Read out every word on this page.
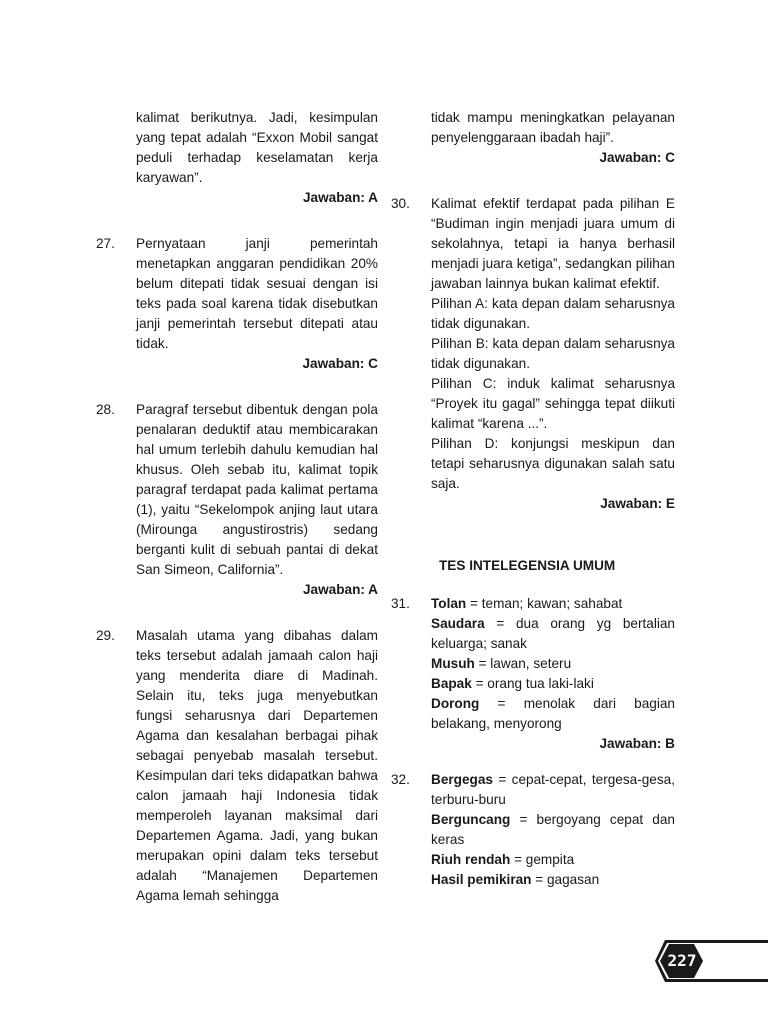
kalimat berikutnya. Jadi, kesimpulan yang tepat adalah “Exxon Mobil sangat peduli terhadap keselamatan kerja karyawan”.

Jawaban: A
27. Pernyataan janji pemerintah menetapkan anggaran pendidikan 20% belum ditepati tidak sesuai dengan isi teks pada soal karena tidak disebutkan janji pemerintah tersebut ditepati atau tidak.

Jawaban: C
28. Paragraf tersebut dibentuk dengan pola penalaran deduktif atau membicarakan hal umum terlebih dahulu kemudian hal khusus. Oleh sebab itu, kalimat topik paragraf terdapat pada kalimat pertama (1), yaitu “Sekelompok anjing laut utara (Mirounga angustirostris) sedang berganti kulit di sebuah pantai di dekat San Simeon, California”.

Jawaban: A
29. Masalah utama yang dibahas dalam teks tersebut adalah jamaah calon haji yang menderita diare di Madinah. Selain itu, teks juga menyebutkan fungsi seharusnya dari Departemen Agama dan kesalahan berbagai pihak sebagai penyebab masalah tersebut. Kesimpulan dari teks didapatkan bahwa calon jamaah haji Indonesia tidak memperoleh layanan maksimal dari Departemen Agama. Jadi, yang bukan merupakan opini dalam teks tersebut adalah “Manajemen Departemen Agama lemah sehingga

tidak mampu meningkatkan pelayanan penyelenggaraan ibadah haji”.

Jawaban: C
30. Kalimat efektif terdapat pada pilihan E “Budiman ingin menjadi juara umum di sekolahnya, tetapi ia hanya berhasil menjadi juara ketiga”, sedangkan pilihan jawaban lainnya bukan kalimat efektif.

Pilihan A: kata depan dalam seharusnya tidak digunakan.

Pilihan B: kata depan dalam seharusnya tidak digunakan.

Pilihan C: induk kalimat seharusnya “Proyek itu gagal” sehingga tepat diikuti kalimat “karena ...”.

Pilihan D: konjungsi meskipun dan tetapi seharusnya digunakan salah satu saja.

Jawaban: E
TES INTELEGENSIA UMUM
31. Tolan = teman; kawan; sahabat

Saudara = dua orang yg bertalian keluarga; sanak

Musuh = lawan, seteru

Bapak = orang tua laki-laki

Dorong = menolak dari bagian belakang, menyorong

Jawaban: B
32. Bergegas = cepat-cepat, tergesa-gesa, terburu-buru

Berguncang = bergoyang cepat dan keras

Riuh rendah = gempita

Hasil pemikiran = gagasan

227
